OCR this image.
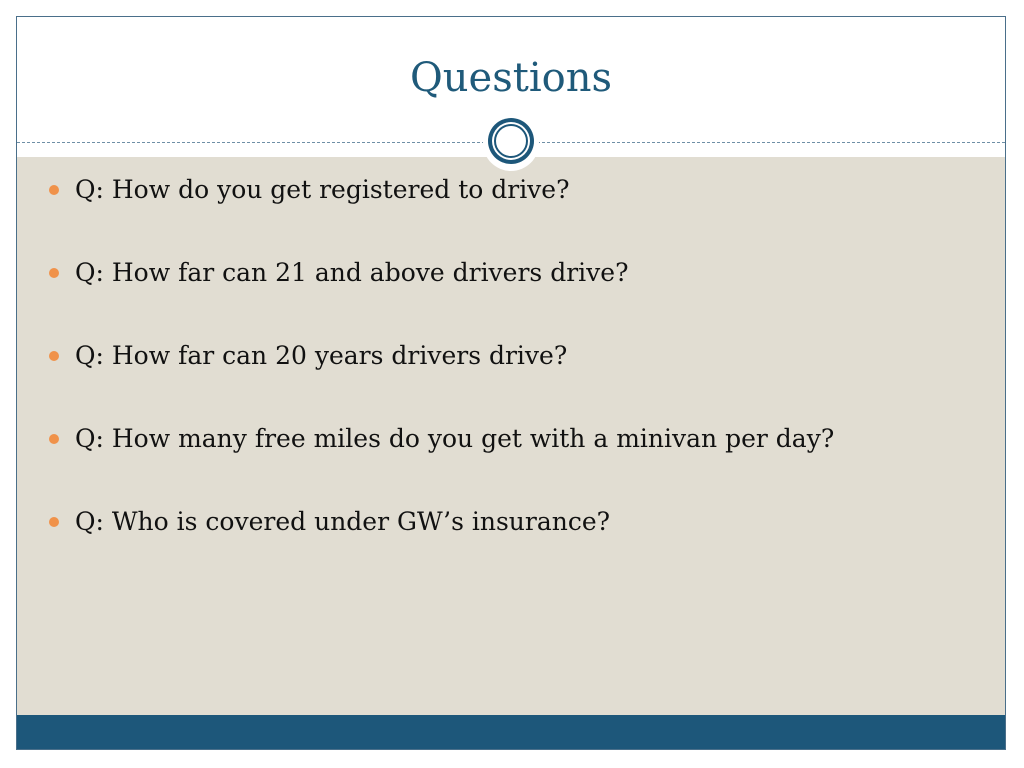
Questions
Q: How do you get registered to drive?
Q: How far can 21 and above drivers drive?
Q: How far can 20 years drivers drive?
Q: How many free miles do you get with a minivan per day?
Q: Who is covered under GW’s insurance?
